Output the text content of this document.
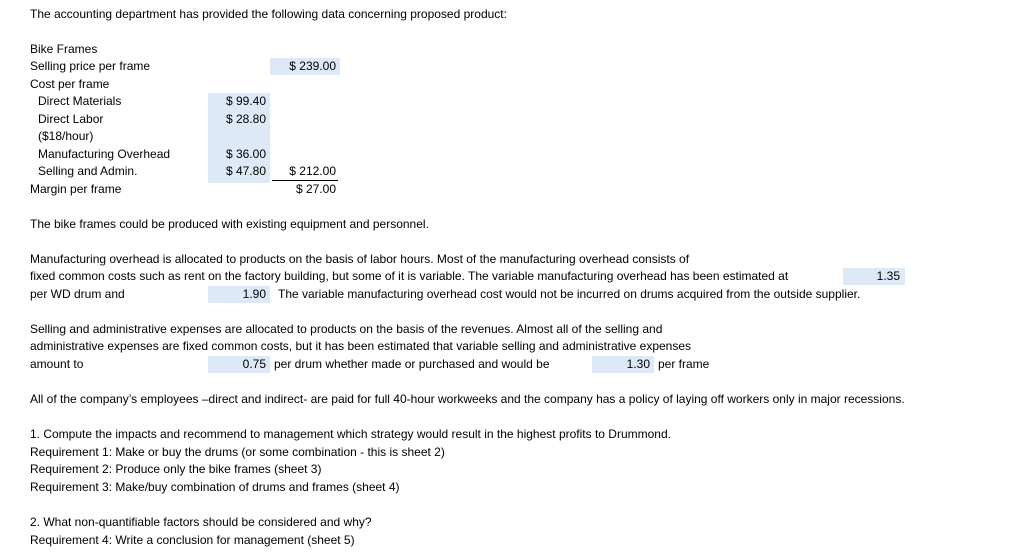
The accounting department has provided the following data concerning proposed product:
Bike Frames
Selling price per frame	$ 239.00
Cost per frame
Direct Materials	$ 99.40
Direct Labor	$ 28.80
($18/hour)
Manufacturing Overhead	$ 36.00
Selling and Admin.	$ 47.80	$ 212.00
Margin per frame	$ 27.00
The bike frames could be produced with existing equipment and personnel.
Manufacturing overhead is allocated to products on the basis of labor hours. Most of the manufacturing overhead consists of
fixed common costs such as rent on the factory building, but some of it is variable. The variable manufacturing overhead has been estimated at	1.35
per WD drum and	1.90 The variable manufacturing overhead cost would not be incurred on drums acquired from the outside supplier.
Selling and administrative expenses are allocated to products on the basis of the revenues. Almost all of the selling and
administrative expenses are fixed common costs, but it has been estimated that variable selling and administrative expenses
amount to	0.75 per drum whether made or purchased and would be	1.30 per frame
All of the company’s employees –direct and indirect- are paid for full 40-hour workweeks and the company has a policy of laying off workers only in major recessions.
1. Compute the impacts and recommend to management which strategy would result in the highest profits to Drummond.
Requirement 1: Make or buy the drums (or some combination - this is sheet 2)
Requirement 2: Produce only the bike frames (sheet 3)
Requirement 3: Make/buy combination of drums and frames (sheet 4)
2. What non-quantifiable factors should be considered and why?
Requirement 4: Write a conclusion for management (sheet 5)
